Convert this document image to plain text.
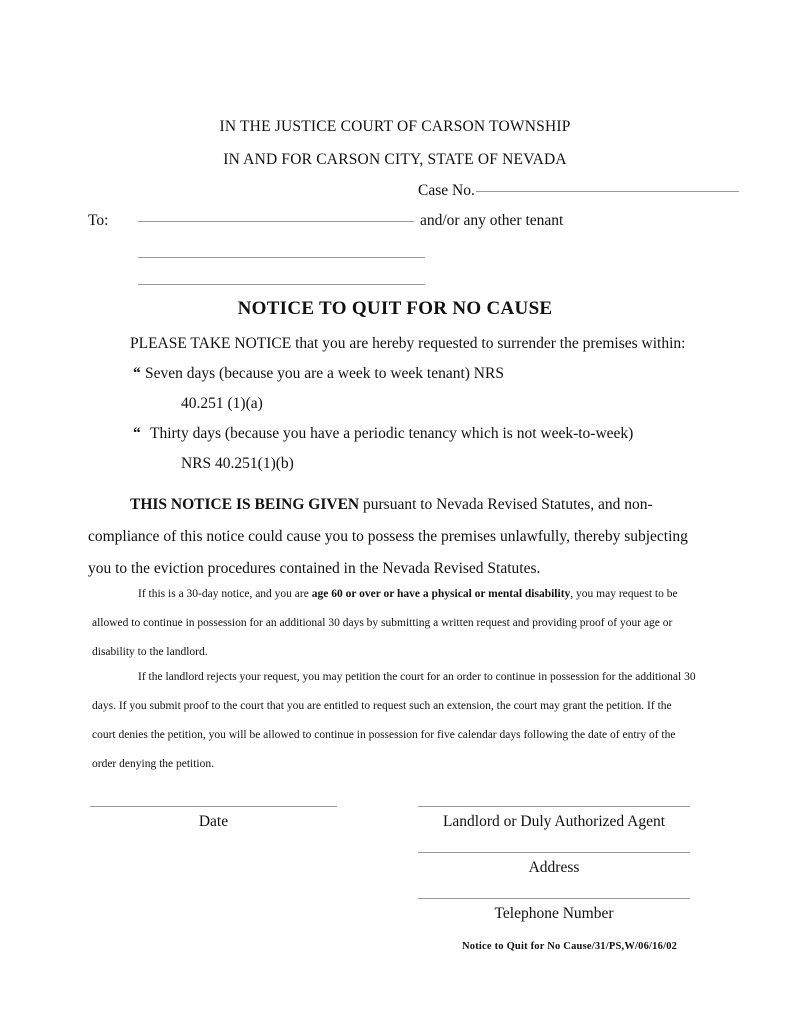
IN THE JUSTICE COURT OF CARSON TOWNSHIP
IN AND FOR CARSON CITY, STATE OF NEVADA
Case No.
To:	and/or any other tenant
NOTICE TO QUIT FOR NO CAUSE
PLEASE TAKE NOTICE that you are hereby requested to surrender the premises within:
“ Seven days (because you are a week to week tenant) NRS
40.251 (1)(a)
“ Thirty days (because you have a periodic tenancy which is not week-to-week)
NRS 40.251(1)(b)
THIS NOTICE IS BEING GIVEN pursuant to Nevada Revised Statutes, and non-compliance of this notice could cause you to possess the premises unlawfully, thereby subjecting you to the eviction procedures contained in the Nevada Revised Statutes.

If this is a 30-day notice, and you are age 60 or over or have a physical or mental disability, you may request to be allowed to continue in possession for an additional 30 days by submitting a written request and providing proof of your age or disability to the landlord.

If the landlord rejects your request, you may petition the court for an order to continue in possession for the additional 30 days. If you submit proof to the court that you are entitled to request such an extension, the court may grant the petition. If the court denies the petition, you will be allowed to continue in possession for five calendar days following the date of entry of the order denying the petition.

Date	Landlord or Duly Authorized Agent
Address
Telephone Number
Notice to Quit for No Cause/31/PS,W/06/16/02
